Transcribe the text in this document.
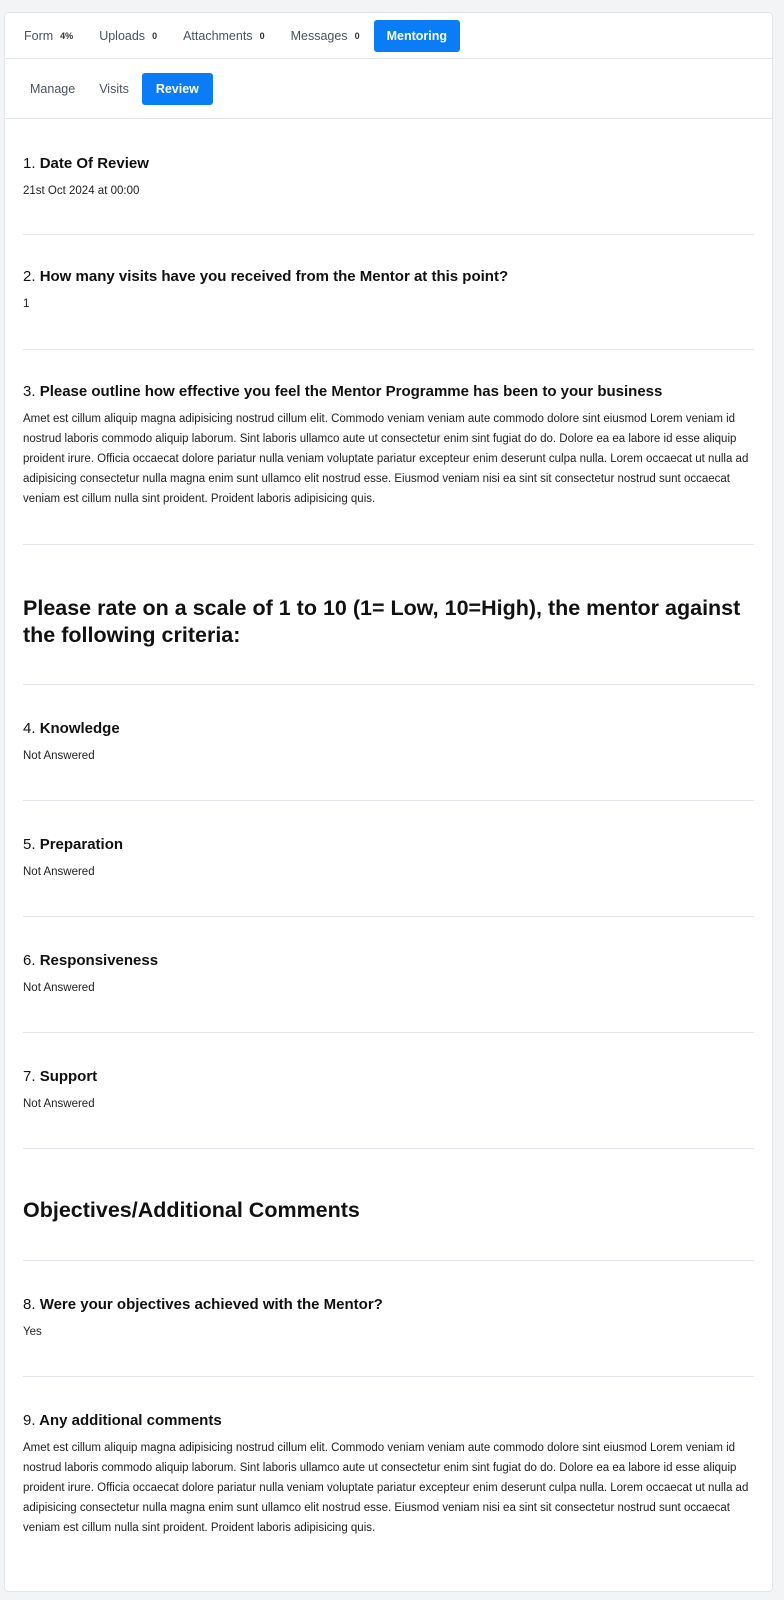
Form 4% Uploads 0 Attachments 0 Messages 0 Mentoring
Manage	Visits	Review
1. Date Of Review
21st Oct 2024 at 00:00
2. How many visits have you received from the Mentor at this point?
1
3. Please outline how effective you feel the Mentor Programme has been to your business
Amet est cillum aliquip magna adipisicing nostrud cillum elit. Commodo veniam veniam aute commodo dolore sint eiusmod Lorem veniam id nostrud laboris commodo aliquip laborum. Sint laboris ullamco aute ut consectetur enim sint fugiat do do. Dolore ea ea labore id esse aliquip proident irure. Officia occaecat dolore pariatur nulla veniam voluptate pariatur excepteur enim deserunt culpa nulla. Lorem occaecat ut nulla ad adipisicing consectetur nulla magna enim sunt ullamco elit nostrud esse. Eiusmod veniam nisi ea sint sit consectetur nostrud sunt occaecat veniam est cillum nulla sint proident. Proident laboris adipisicing quis.
Please rate on a scale of 1 to 10 (1= Low, 10=High), the mentor against the following criteria:
4. Knowledge
Not Answered
5. Preparation
Not Answered
6. Responsiveness
Not Answered
7. Support
Not Answered
Objectives/Additional Comments
8. Were your objectives achieved with the Mentor?
Yes
9. Any additional comments
Amet est cillum aliquip magna adipisicing nostrud cillum elit. Commodo veniam veniam aute commodo dolore sint eiusmod Lorem veniam id nostrud laboris commodo aliquip laborum. Sint laboris ullamco aute ut consectetur enim sint fugiat do do. Dolore ea ea labore id esse aliquip proident irure. Officia occaecat dolore pariatur nulla veniam voluptate pariatur excepteur enim deserunt culpa nulla. Lorem occaecat ut nulla ad adipisicing consectetur nulla magna enim sunt ullamco elit nostrud esse. Eiusmod veniam nisi ea sint sit consectetur nostrud sunt occaecat veniam est cillum nulla sint proident. Proident laboris adipisicing quis.
